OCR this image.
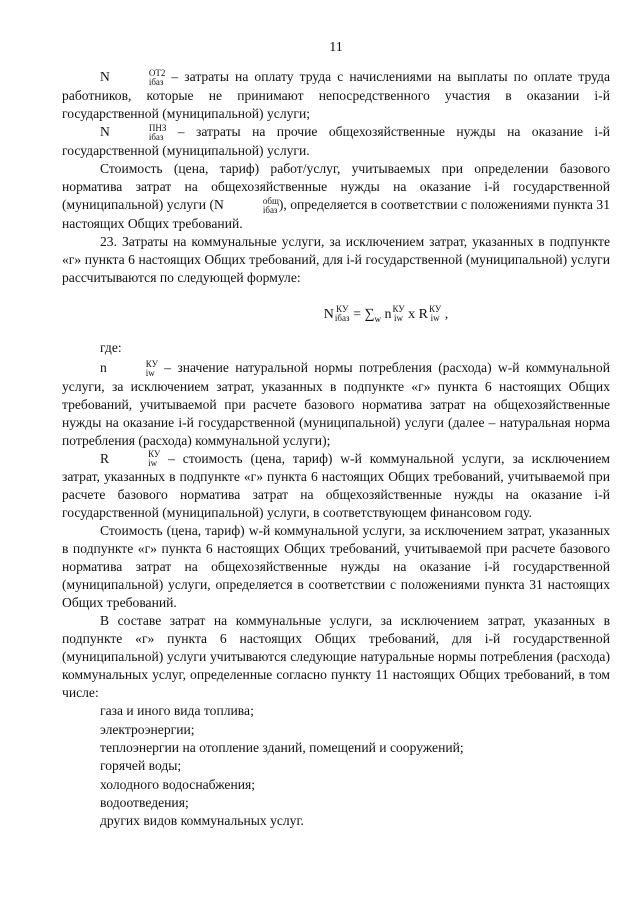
11

N	ОТ2
iбаз – затраты на оплату труда с начислениями на выплаты по оплате труда работников, которые не принимают непосредственного участия в оказании i-й государственной (муниципальной) услуги;

N	ПНЗ
iбаз – затраты на прочие общехозяйственные нужды на оказание i-й государственной (муниципальной) услуги.

Стоимость (цена, тариф) работ/услуг, учитываемых при определении базового норматива затрат на общехозяйственные нужды на оказание i-й государственной (муниципальной) услуги (N	общ
iбаз ), определяется в соответствии с положениями пункта 31 настоящих Общих требований.

23. Затраты на коммунальные услуги, за исключением затрат, указанных в подпункте «г» пункта 6 настоящих Общих требований, для i-й государственной (муниципальной) услуги рассчитываются по следующей формуле:

N КУ
iбаз = $\sum_w$ n КУ
iw x R КУ
iw ,
где:

n	КУ
iw – значение натуральной нормы потребления (расхода) w-й коммунальной услуги, за исключением затрат, указанных в подпункте «г» пункта 6 настоящих Общих требований, учитываемой при расчете базового норматива затрат на общехозяйственные нужды на оказание i-й государственной (муниципальной) услуги (далее – натуральная норма потребления (расхода) коммунальной услуги);

R	КУ
iw – стоимость (цена, тариф) w-й коммунальной услуги, за исключением затрат, указанных в подпункте «г» пункта 6 настоящих Общих требований, учитываемой при расчете базового норматива затрат на общехозяйственные нужды на оказание i-й государственной (муниципальной) услуги, в соответствующем финансовом году.

Стоимость (цена, тариф) w-й коммунальной услуги, за исключением затрат, указанных в подпункте «г» пункта 6 настоящих Общих требований, учитываемой при расчете базового норматива затрат на общехозяйственные нужды на оказание i-й государственной (муниципальной) услуги, определяется в соответствии с положениями пункта 31 настоящих Общих требований.

В составе затрат на коммунальные услуги, за исключением затрат, указанных в подпункте «г» пункта 6 настоящих Общих требований, для i-й государственной (муниципальной) услуги учитываются следующие натуральные нормы потребления (расхода) коммунальных услуг, определенные согласно пункту 11 настоящих Общих требований, в том числе:

газа и иного вида топлива;
электроэнергии;
теплоэнергии на отопление зданий, помещений и сооружений;
горячей воды;
холодного водоснабжения;
водоотведения;
других видов коммунальных услуг.
